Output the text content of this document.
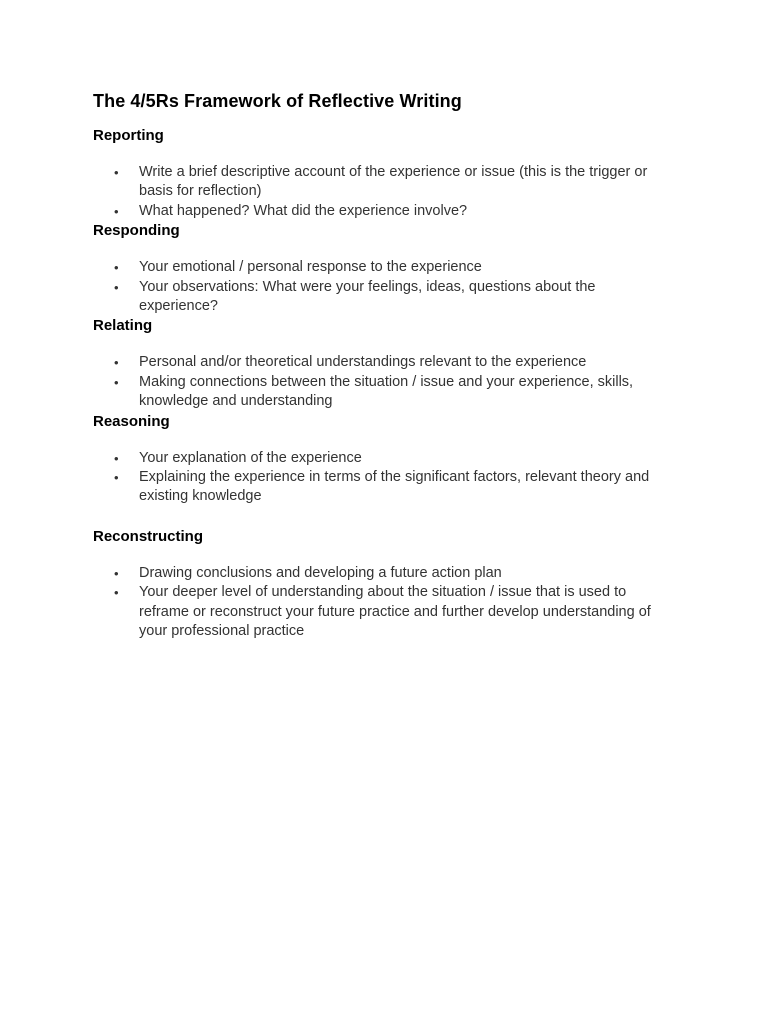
The 4/5Rs Framework of Reflective Writing
Reporting
• Write a brief descriptive account of the experience or issue (this is the trigger or basis for reflection)
• What happened? What did the experience involve?
Responding
• Your emotional / personal response to the experience
• Your observations: What were your feelings, ideas, questions about the experience?
Relating
• Personal and/or theoretical understandings relevant to the experience
• Making connections between the situation / issue and your experience, skills, knowledge and understanding
Reasoning
• Your explanation of the experience
• Explaining the experience in terms of the significant factors, relevant theory and existing knowledge
Reconstructing
• Drawing conclusions and developing a future action plan
• Your deeper level of understanding about the situation / issue that is used to reframe or reconstruct your future practice and further develop understanding of your professional practice
